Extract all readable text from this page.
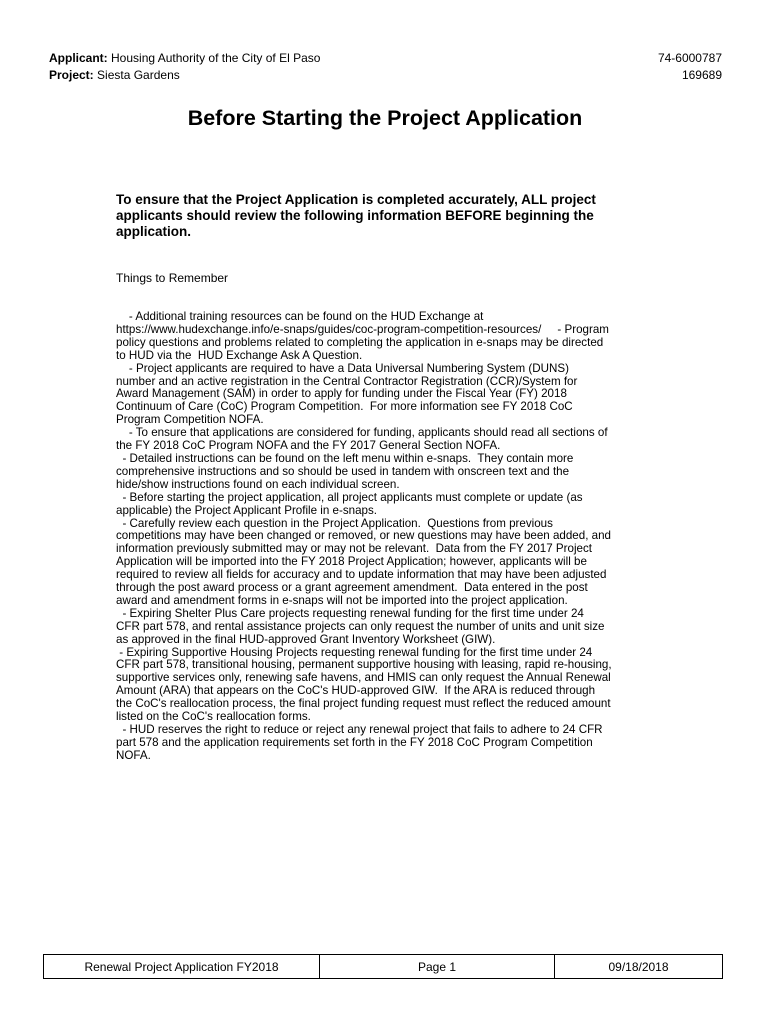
Applicant: Housing Authority of the City of El Paso	74-6000787
Project: Siesta Gardens	169689
Before Starting the Project Application

To ensure that the Project Application is completed accurately, ALL project applicants should review the following information BEFORE beginning the application.

Things to Remember

- Additional training resources can be found on the HUD Exchange at
https://www.hudexchange.info/e-snaps/guides/coc-program-competition-resources/     - Program
policy questions and problems related to completing the application in e-snaps may be directed
to HUD via the  HUD Exchange Ask A Question.
- Project applicants are required to have a Data Universal Numbering System (DUNS)
number and an active registration in the Central Contractor Registration (CCR)/System for
Award Management (SAM) in order to apply for funding under the Fiscal Year (FY) 2018
Continuum of Care (CoC) Program Competition.  For more information see FY 2018 CoC
Program Competition NOFA.
- To ensure that applications are considered for funding, applicants should read all sections of
the FY 2018 CoC Program NOFA and the FY 2017 General Section NOFA.
- Detailed instructions can be found on the left menu within e-snaps.  They contain more
comprehensive instructions and so should be used in tandem with onscreen text and the
hide/show instructions found on each individual screen.
- Before starting the project application, all project applicants must complete or update (as
applicable) the Project Applicant Profile in e-snaps.
- Carefully review each question in the Project Application.  Questions from previous
competitions may have been changed or removed, or new questions may have been added, and
information previously submitted may or may not be relevant.  Data from the FY 2017 Project
Application will be imported into the FY 2018 Project Application; however, applicants will be
required to review all fields for accuracy and to update information that may have been adjusted
through the post award process or a grant agreement amendment.  Data entered in the post
award and amendment forms in e-snaps will not be imported into the project application.
- Expiring Shelter Plus Care projects requesting renewal funding for the first time under 24
CFR part 578, and rental assistance projects can only request the number of units and unit size
as approved in the final HUD-approved Grant Inventory Worksheet (GIW).
- Expiring Supportive Housing Projects requesting renewal funding for the first time under 24
CFR part 578, transitional housing, permanent supportive housing with leasing, rapid re-housing,
supportive services only, renewing safe havens, and HMIS can only request the Annual Renewal
Amount (ARA) that appears on the CoC's HUD-approved GIW.  If the ARA is reduced through
the CoC's reallocation process, the final project funding request must reflect the reduced amount
listed on the CoC's reallocation forms.
- HUD reserves the right to reduce or reject any renewal project that fails to adhere to 24 CFR
part 578 and the application requirements set forth in the FY 2018 CoC Program Competition
NOFA.
Renewal Project Application FY2018	Page 1	09/18/2018
